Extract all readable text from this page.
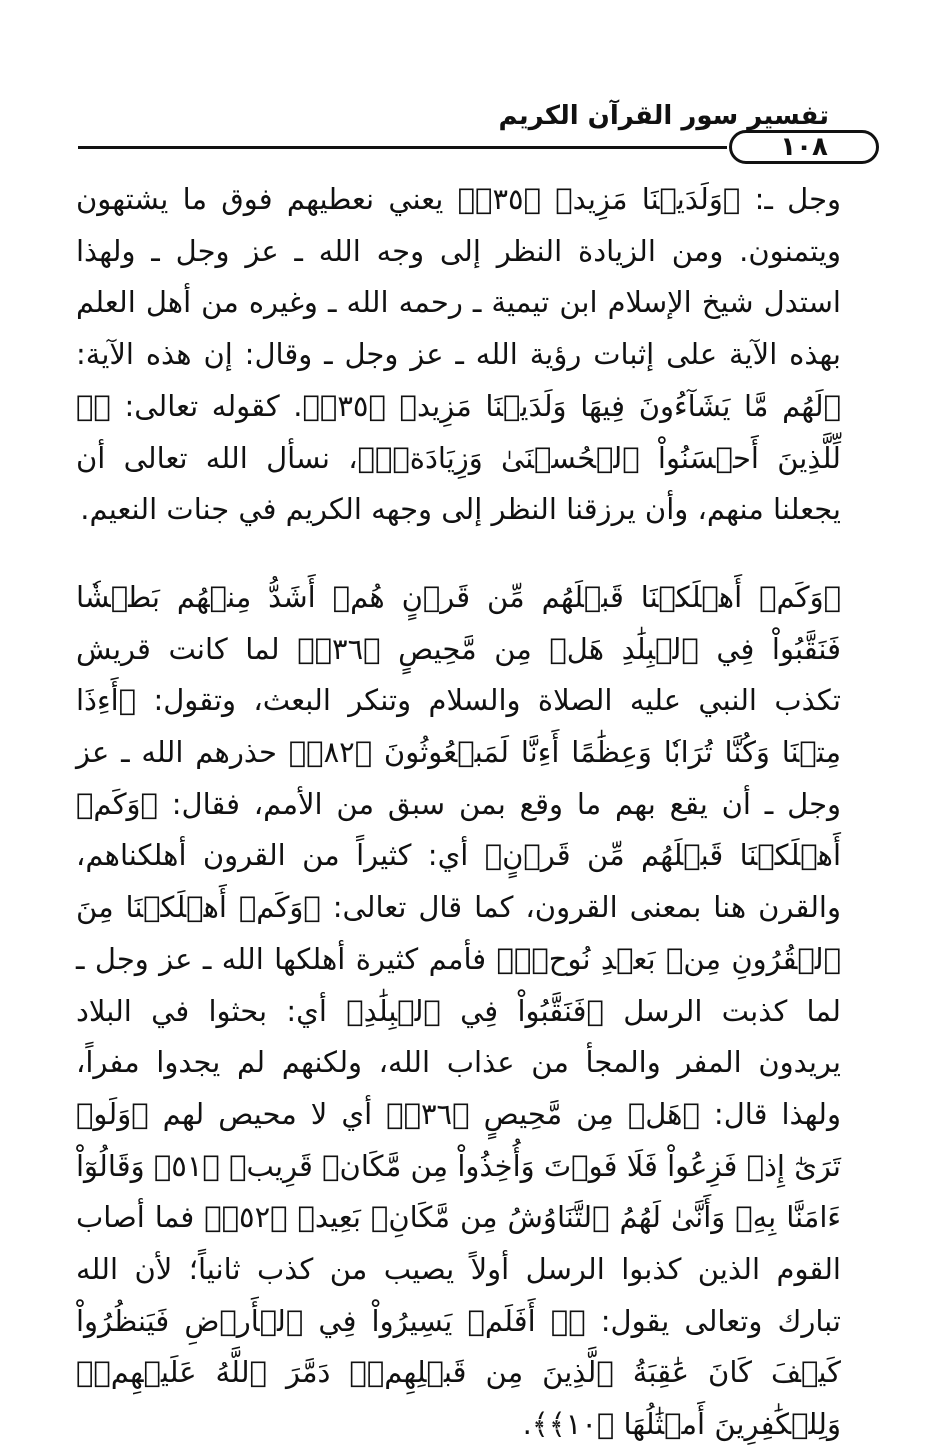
تفسير سور القرآن الكريم
١٠٨

وجل ـ: ﴿وَلَدَيۡنَا مَزِيدٞ ﴿٣٥﴾﴾ يعني نعطيهم فوق ما يشتهون ويتمنون. ومن الزيادة النظر إلى وجه الله ـ عز وجل ـ ولهذا استدل شيخ الإسلام ابن تيمية ـ رحمه الله ـ وغيره من أهل العلم بهذه الآية على إثبات رؤية الله ـ عز وجل ـ وقال: إن هذه الآية: ﴿لَهُم مَّا يَشَآءُونَ فِيهَا وَلَدَيۡنَا مَزِيدٞ ﴿٣٥﴾﴾. كقوله تعالى: ﴿۞ لِّلَّذِينَ أَحۡسَنُواْ ٱلۡحُسۡنَىٰ وَزِيَادَةٞۖ﴾، نسأل الله تعالى أن يجعلنا منهم، وأن يرزقنا النظر إلى وجهه الكريم في جنات النعيم.

﴿وَكَمۡ أَهۡلَكۡنَا قَبۡلَهُم مِّن قَرۡنٍ هُمۡ أَشَدُّ مِنۡهُم بَطۡشٗا فَنَقَّبُواْ فِي ٱلۡبِلَٰدِ هَلۡ مِن مَّحِيصٍ ﴿٣٦﴾﴾ لما كانت قريش تكذب النبي عليه الصلاة والسلام وتنكر البعث، وتقول: ﴿أَءِذَا مِتۡنَا وَكُنَّا تُرَابٗا وَعِظَٰمًا أَءِنَّا لَمَبۡعُوثُونَ ﴿٨٢﴾﴾ حذرهم الله ـ عز وجل ـ أن يقع بهم ما وقع بمن سبق من الأمم، فقال: ﴿وَكَمۡ أَهۡلَكۡنَا قَبۡلَهُم مِّن قَرۡنٍ﴾ أي: كثيراً من القرون أهلكناهم، والقرن هنا بمعنى القرون، كما قال تعالى: ﴿وَكَمۡ أَهۡلَكۡنَا مِنَ ٱلۡقُرُونِ مِنۢ بَعۡدِ نُوحٖۗ﴾ فأمم كثيرة أهلكها الله ـ عز وجل ـ لما كذبت الرسل ﴿فَنَقَّبُواْ فِي ٱلۡبِلَٰدِ﴾ أي: بحثوا في البلاد يريدون المفر والمجأ من عذاب الله، ولكنهم لم يجدوا مفراً، ولهذا قال: ﴿هَلۡ مِن مَّحِيصٍ ﴿٣٦﴾﴾ أي لا محيص لهم ﴿وَلَوۡ تَرَىٰٓ إِذۡ فَزِعُواْ فَلَا فَوۡتَ وَأُخِذُواْ مِن مَّكَانٖ قَرِيبٖ ﴿٥١﴾ وَقَالُوٓاْ ءَامَنَّا بِهِۦ وَأَنَّىٰ لَهُمُ ٱلتَّنَاوُشُ مِن مَّكَانِۭ بَعِيدٖ ﴿٥٢﴾﴾ فما أصاب القوم الذين كذبوا الرسل أولاً يصيب من كذب ثانياً؛ لأن الله تبارك وتعالى يقول: ﴿۞ أَفَلَمۡ يَسِيرُواْ فِي ٱلۡأَرۡضِ فَيَنظُرُواْ كَيۡفَ كَانَ عَٰقِبَةُ ٱلَّذِينَ مِن قَبۡلِهِمۡۖ دَمَّرَ ٱللَّهُ عَلَيۡهِمۡۖ وَلِلۡكَٰفِرِينَ أَمۡثَٰلُهَا ﴿١٠﴾﴾.
